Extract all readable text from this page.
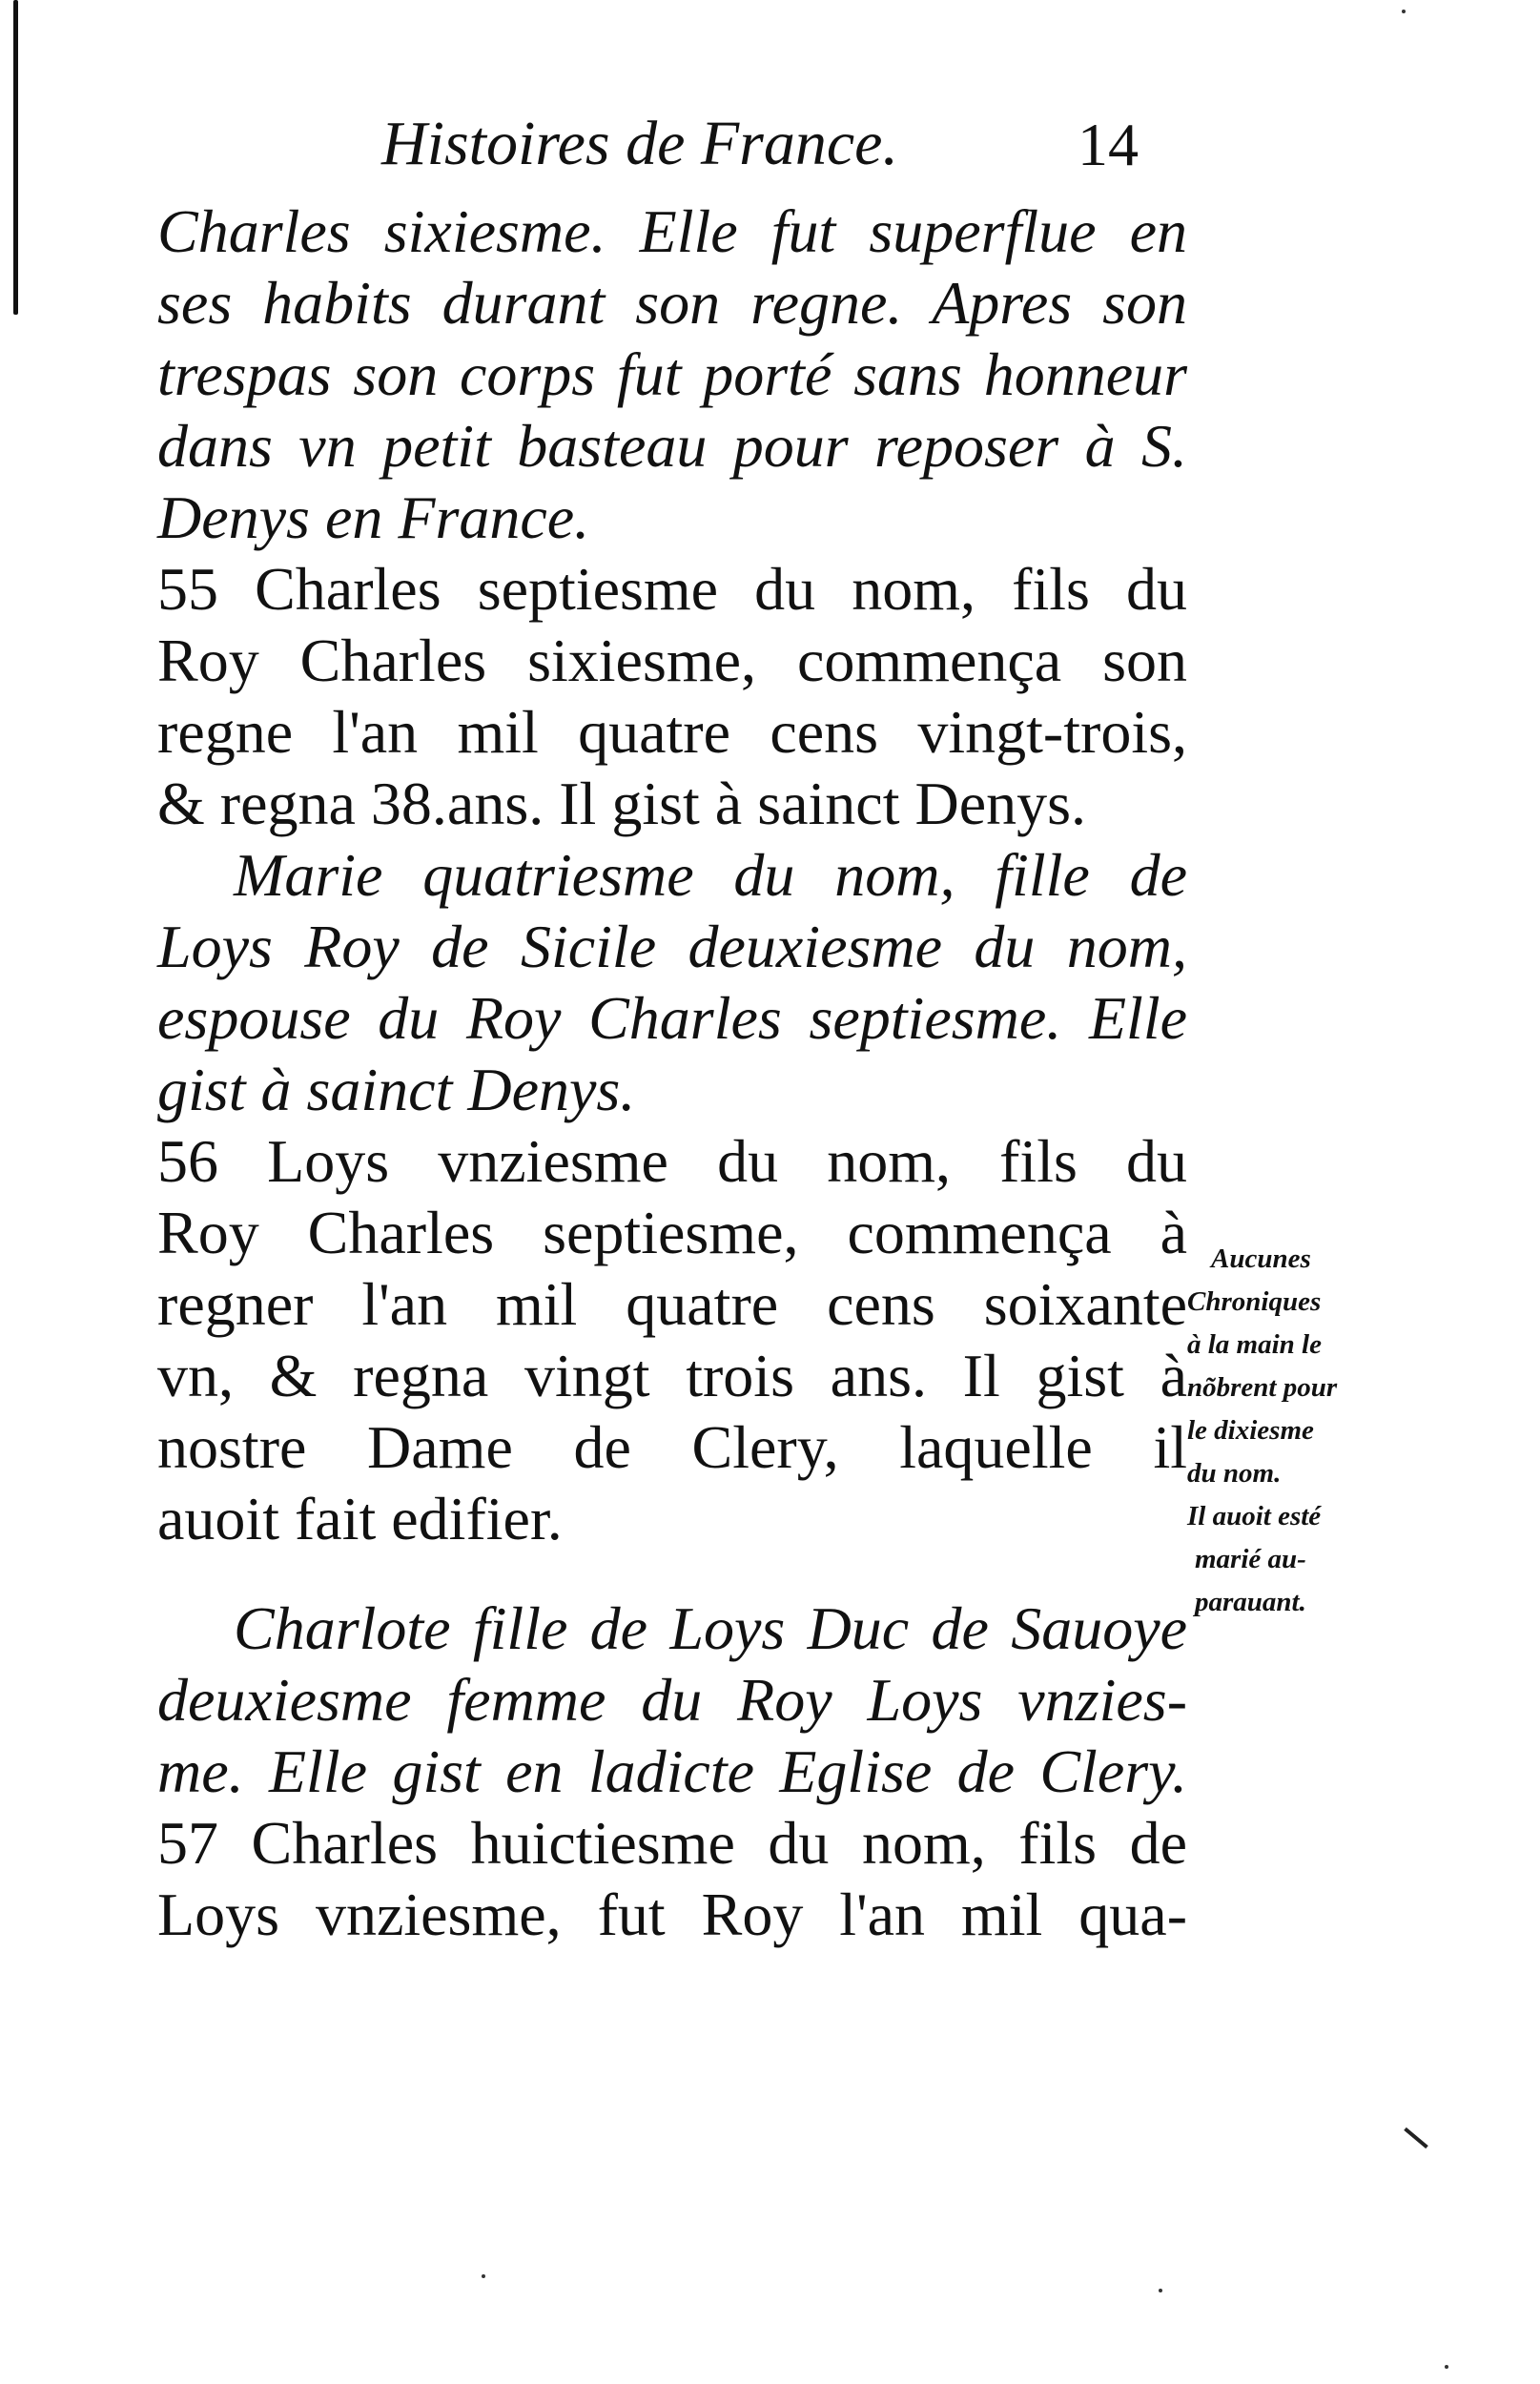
Histoires de France.	14
Charles sixiesme. Elle fut superflue en
ses habits durant son regne. Apres son
trespas son corps fut porté sans honneur
dans vn petit basteau pour reposer à S.
Denys en France.
55 Charles septiesme du nom, fils du
Roy Charles sixiesme, commença son
regne l'an mil quatre cens vingt-trois,
& regna 38.ans. Il gist à sainct Denys.
Marie quatriesme du nom, fille de
Loys Roy de Sicile deuxiesme du nom,
espouse du Roy Charles septiesme. Elle
gist à sainct Denys.
56 Loys vnziesme du nom, fils du
Roy Charles septiesme, commença à
regner l'an mil quatre cens soixante
vn, & regna vingt trois ans. Il gist à
nostre Dame de Clery, laquelle il
auoit fait edifier.
Charlote fille de Loys Duc de Sauoye
deuxiesme femme du Roy Loys vnzies-
me. Elle gist en ladicte Eglise de Clery.
57 Charles huictiesme du nom, fils de
Loys vnziesme, fut Roy l'an mil qua-
Aucunes
Chroniques
à la main le
nõbrent pour
le dixiesme
du nom.
Il auoit esté
marié au-
parauant.
